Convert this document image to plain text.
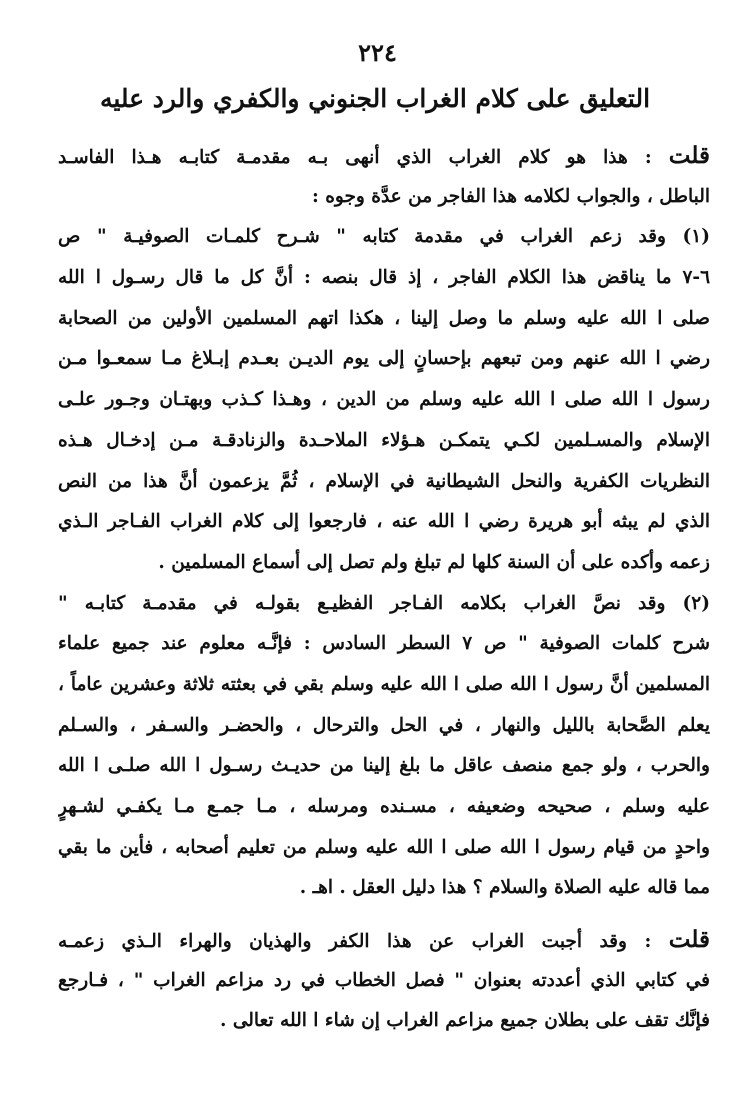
٢٢٤
التعليق على كلام الغراب الجنوني والكفري والرد عليه
قلت : هذا هو كلام الغراب الذي أنهى بـه مقدمـة كتابـه هـذا الفاسـد
الباطل ، والجواب لكلامه هذا الفاجر من عدَّة وجوه :
(١) وقد زعم الغراب في مقدمة كتابه " شـرح كلمـات الصوفيـة " ص
٦-٧ ما يناقض هذا الكلام الفاجر ، إذ قال بنصه : أنَّ كل ما قال رسـول ا الله
صلى ا الله عليه وسلم ما وصل إلينا ، هكذا اتهم المسلمين الأولين من الصحابة
رضي ا الله عنهم ومن تبعهم بإحسانٍ إلى يوم الديـن بعـدم إبـلاغ مـا سمعـوا مـن
رسول ا الله صلى ا الله عليه وسلم من الدين ، وهـذا كـذب وبهتـان وجـور علـى
الإسلام والمسـلمين لكـي يتمكـن هـؤلاء الملاحـدة والزنادقـة مـن إدخـال هـذه
النظريات الكفرية والنحل الشيطانية في الإسلام ، ثُمَّ يزعمون أنَّ هذا من النص
الذي لم يبثه أبو هريرة رضي ا الله عنه ، فارجعوا إلى كلام الغراب الفـاجر الـذي
زعمه وأكده على أن السنة كلها لم تبلغ ولم تصل إلى أسماع المسلمين .
(٢) وقد نصَّ الغراب بكلامه الفـاجر الفظيـع بقولـه في مقدمـة كتابـه "
شرح كلمات الصوفية " ص ٧ السطر السادس : فإنَّـه معلوم عند جميع علماء
المسلمين أنَّ رسول ا الله صلى ا الله عليه وسلم بقي في بعثته ثلاثة وعشرين عاماً ،
يعلم الصَّحابة بالليل والنهار ، في الحل والترحال ، والحضـر والسـفر ، والسـلم
والحرب ، ولو جمع منصف عاقل ما بلغ إلينا من حديـث رسـول ا الله صلـى ا الله
عليه وسلم ، صحيحه وضعيفه ، مسـنده ومرسله ، مـا جمـع مـا يكفـي لشـهرٍ
واحدٍ من قيام رسول ا الله صلى ا الله عليه وسلم من تعليم أصحابه ، فأين ما بقي
مما قاله عليه الصلاة والسلام ؟ هذا دليل العقل . اهـ .
قلت : وقد أجبت الغراب عن هذا الكفر والهذيان والهراء الـذي زعمـه
في كتابي الذي أعددته بعنوان " فصل الخطاب في رد مزاعم الغراب " ، فـارجع
فإنَّك تقف على بطلان جميع مزاعم الغراب إن شاء ا الله تعالى .
